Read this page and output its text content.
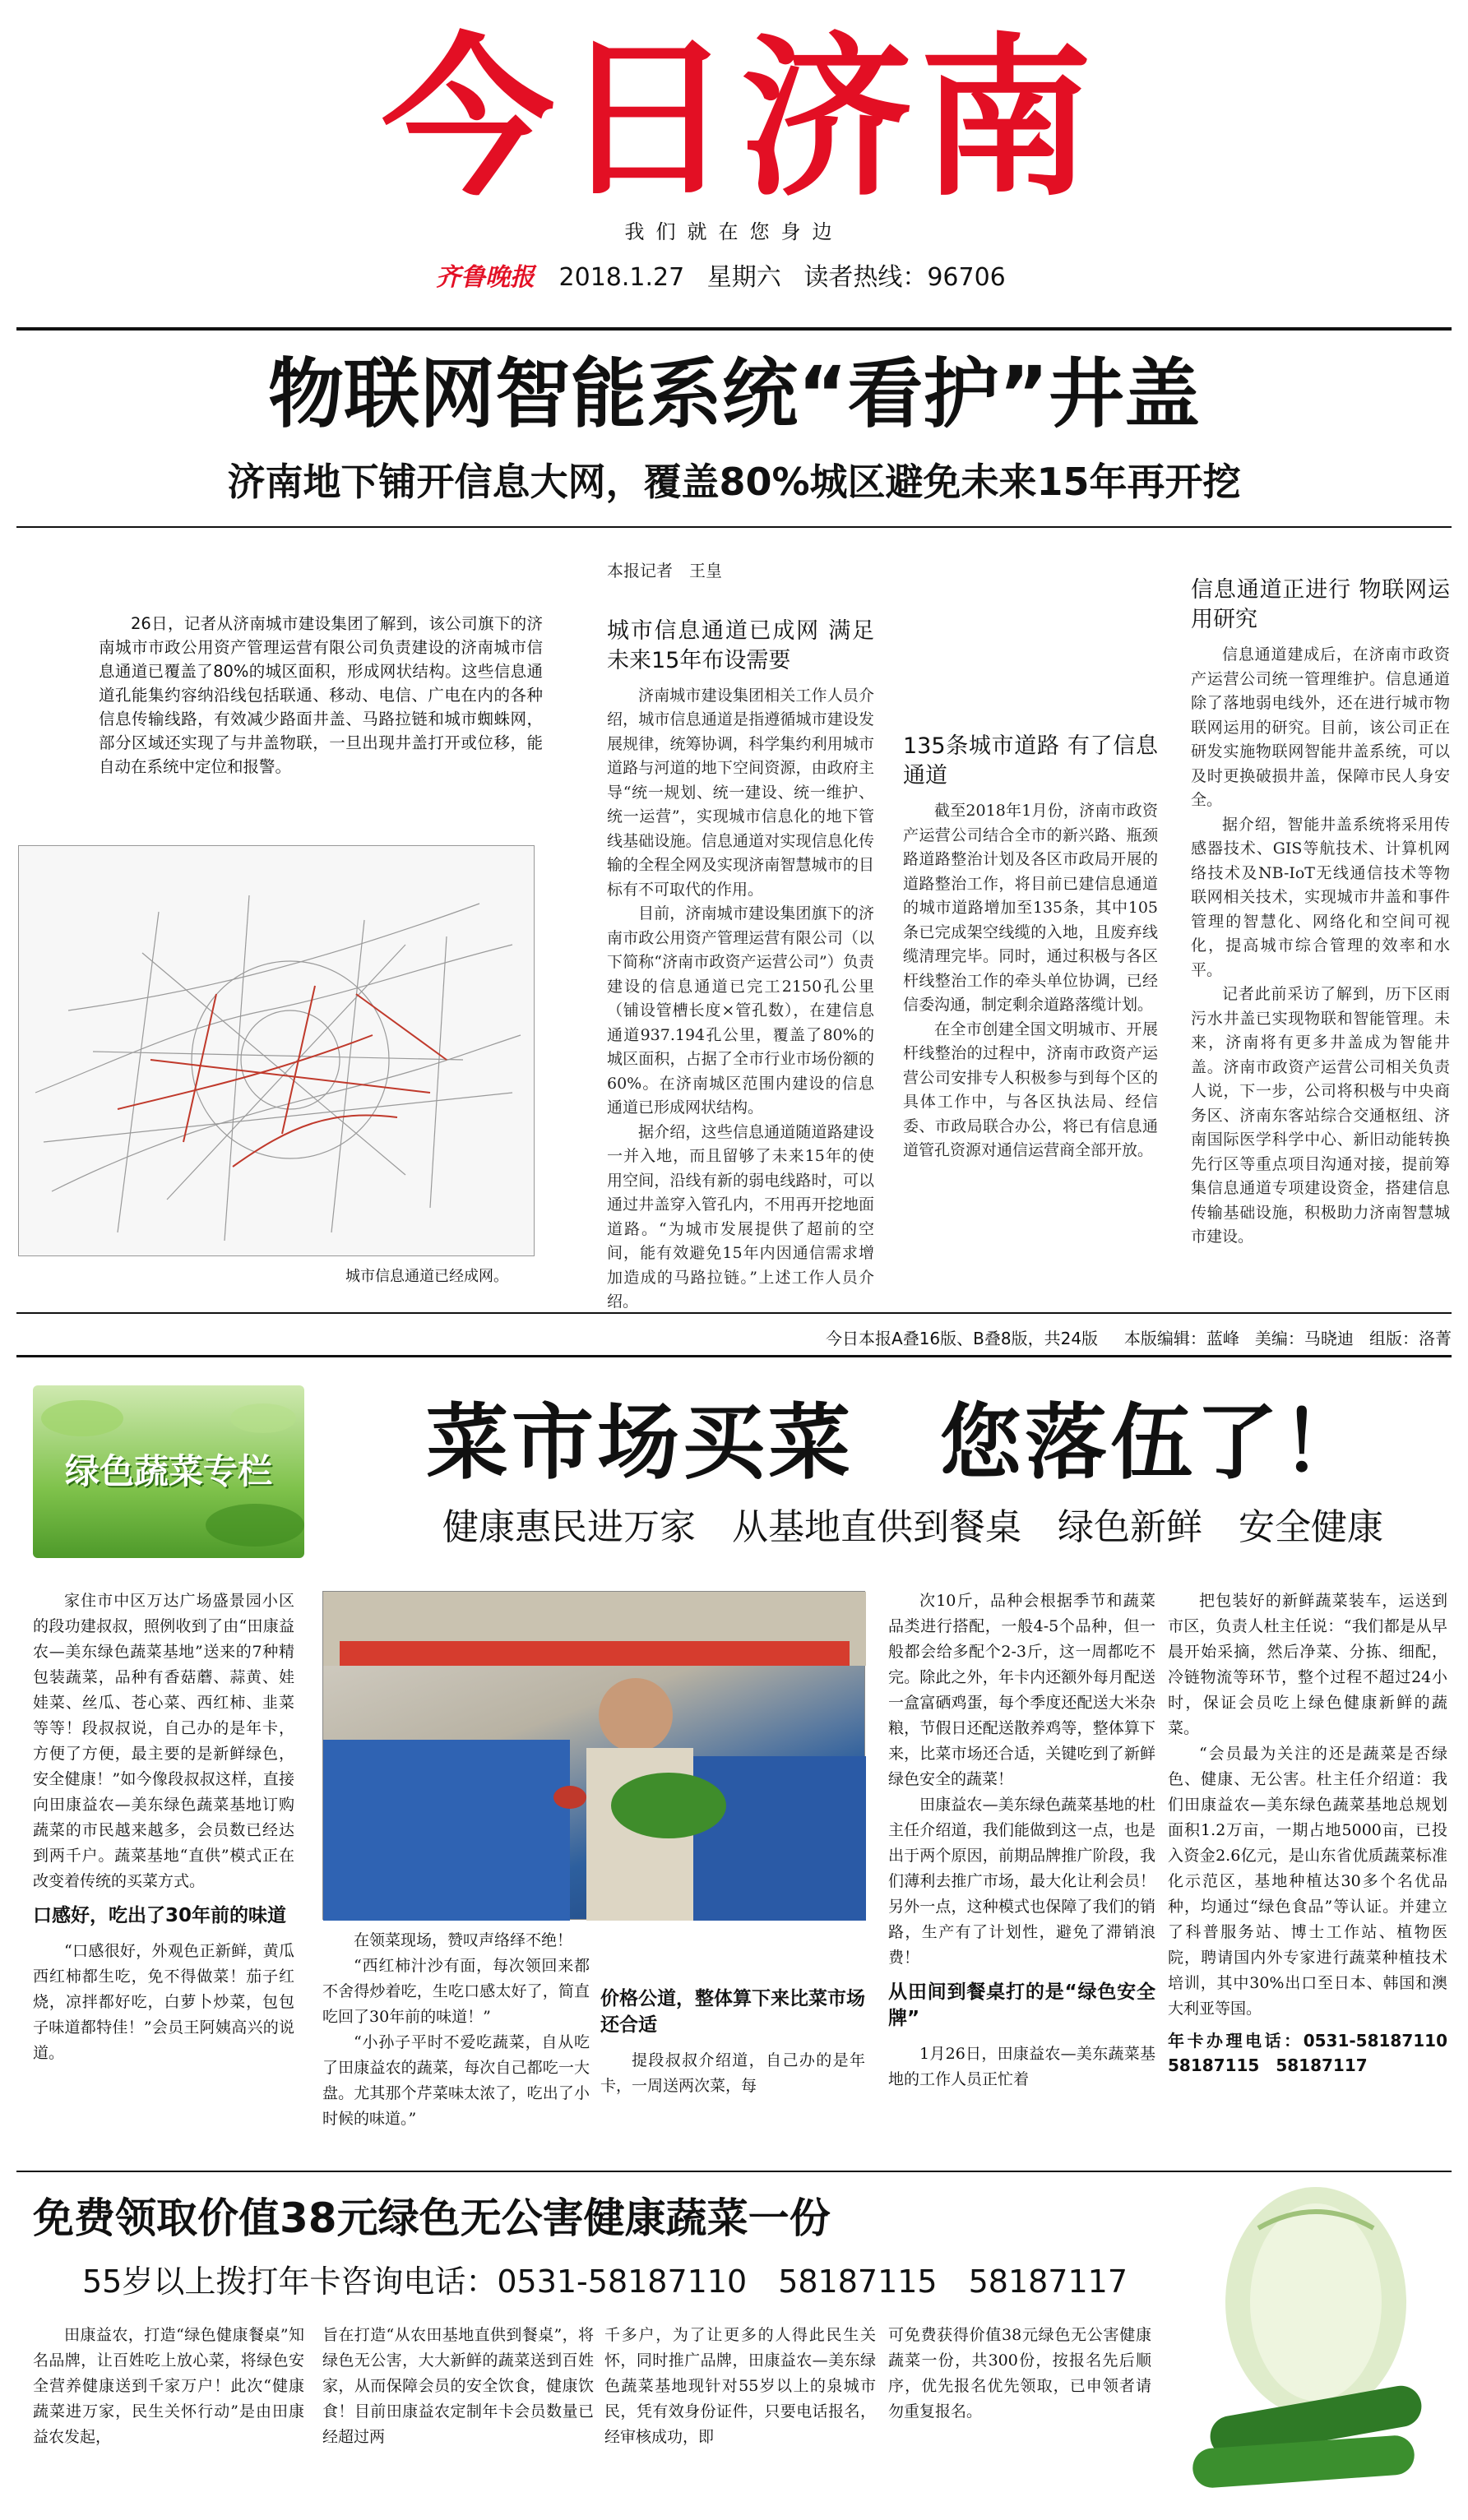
今日济南
我们就在您身边
齐鲁晚报 2018.1.27 星期六 读者热线：96706
物联网智能系统“看护”井盖
济南地下铺开信息大网，覆盖80%城区避免未来15年再开挖
26日，记者从济南城市建设集团了解到，该公司旗下的济南城市市政公用资产管理运营有限公司负责建设的济南城市信息通道已覆盖了80%的城区面积，形成网状结构。这些信息通道孔能集约容纳沿线包括联通、移动、电信、广电在内的各种信息传输线路，有效减少路面井盖、马路拉链和城市蜘蛛网，部分区域还实现了与井盖物联，一旦出现井盖打开或位移，能自动在系统中定位和报警。
城市信息通道已经成网。
本报记者　王皇
城市信息通道已成网 满足未来15年布设需要

济南城市建设集团相关工作人员介绍，城市信息通道是指遵循城市建设发展规律，统筹协调，科学集约利用城市道路与河道的地下空间资源，由政府主导“统一规划、统一建设、统一维护、统一运营”，实现城市信息化的地下管线基础设施。信息通道对实现信息化传输的全程全网及实现济南智慧城市的目标有不可取代的作用。

目前，济南城市建设集团旗下的济南市政公用资产管理运营有限公司（以下简称“济南市政资产运营公司”）负责建设的信息通道已完工2150孔公里（铺设管槽长度×管孔数），在建信息通道937.194孔公里，覆盖了80%的城区面积，占据了全市行业市场份额的60%。在济南城区范围内建设的信息通道已形成网状结构。

据介绍，这些信息通道随道路建设一并入地，而且留够了未来15年的使用空间，沿线有新的弱电线路时，可以通过井盖穿入管孔内，不用再开挖地面道路。“为城市发展提供了超前的空间，能有效避免15年内因通信需求增加造成的马路拉链。”上述工作人员介绍。

135条城市道路 有了信息通道

截至2018年1月份，济南市政资产运营公司结合全市的新兴路、瓶颈路道路整治计划及各区市政局开展的道路整治工作，将目前已建信息通道的城市道路增加至135条，其中105条已完成架空线缆的入地，且废弃线缆清理完毕。同时，通过积极与各区杆线整治工作的牵头单位协调，已经信委沟通，制定剩余道路落缆计划。

在全市创建全国文明城市、开展杆线整治的过程中，济南市政资产运营公司安排专人积极参与到每个区的具体工作中，与各区执法局、经信委、市政局联合办公，将已有信息通道管孔资源对通信运营商全部开放。

信息通道正进行 物联网运用研究

信息通道建成后，在济南市政资产运营公司统一管理维护。信息通道除了落地弱电线外，还在进行城市物联网运用的研究。目前，该公司正在研发实施物联网智能井盖系统，可以及时更换破损井盖，保障市民人身安全。

据介绍，智能井盖系统将采用传感器技术、GIS等航技术、计算机网络技术及NB-IoT无线通信技术等物联网相关技术，实现城市井盖和事件管理的智慧化、网络化和空间可视化，提高城市综合管理的效率和水平。

记者此前采访了解到，历下区雨污水井盖已实现物联和智能管理。未来，济南将有更多井盖成为智能井盖。济南市政资产运营公司相关负责人说，下一步，公司将积极与中央商务区、济南东客站综合交通枢纽、济南国际医学科学中心、新旧动能转换先行区等重点项目沟通对接，提前筹集信息通道专项建设资金，搭建信息传输基础设施，积极助力济南智慧城市建设。

今日本报A叠16版、B叠8版，共24版 本版编辑：蓝峰 美编：马晓迪 组版：洛菁
绿色蔬菜专栏	菜市场买菜　您落伍了！
健康惠民进万家　从基地直供到餐桌　绿色新鲜　安全健康

家住市中区万达广场盛景园小区的段功建叔叔，照例收到了由“田康益农—美东绿色蔬菜基地”送来的7种精包装蔬菜，品种有香菇蘑、蒜黄、娃娃菜、丝瓜、苍心菜、西红柿、韭菜等等！段叔叔说，自己办的是年卡，方便了方便，最主要的是新鲜绿色，安全健康！”如今像段叔叔这样，直接向田康益农—美东绿色蔬菜基地订购蔬菜的市民越来越多，会员数已经达到两千户。蔬菜基地“直供”模式正在改变着传统的买菜方式。

口感好，吃出了30年前的味道

“口感很好，外观色正新鲜，黄瓜西红柿都生吃，免不得做菜！茄子红烧，凉拌都好吃，白萝卜炒菜，包包子味道都特佳！”会员王阿姨高兴的说道。

在领菜现场，赞叹声络绎不绝！

“西红柿汁沙有面，每次领回来都不舍得炒着吃，生吃口感太好了，简直吃回了30年前的味道！”

“小孙子平时不爱吃蔬菜，自从吃了田康益农的蔬菜，每次自己都吃一大盘。尤其那个芹菜味太浓了，吃出了小时候的味道。”

价格公道，整体算下来比菜市场还合适

提段叔叔介绍道，自己办的是年卡，一周送两次菜，每

次10斤，品种会根据季节和蔬菜品类进行搭配，一般4-5个品种，但一般都会给多配个2-3斤，这一周都吃不完。除此之外，年卡内还额外每月配送一盒富硒鸡蛋，每个季度还配送大米杂粮，节假日还配送散养鸡等，整体算下来，比菜市场还合适，关键吃到了新鲜绿色安全的蔬菜！

田康益农—美东绿色蔬菜基地的杜主任介绍道，我们能做到这一点，也是出于两个原因，前期品牌推广阶段，我们薄利去推广市场，最大化让利会员！另外一点，这种模式也保障了我们的销路，生产有了计划性，避免了滞销浪费！

从田间到餐桌打的是“绿色安全牌”

1月26日，田康益农—美东蔬菜基地的工作人员正忙着

把包装好的新鲜蔬菜装车，运送到市区，负责人杜主任说：“我们都是从早晨开始采摘，然后净菜、分拣、细配，冷链物流等环节，整个过程不超过24小时，保证会员吃上绿色健康新鲜的蔬菜。

“会员最为关注的还是蔬菜是否绿色、健康、无公害。杜主任介绍道：我们田康益农—美东绿色蔬菜基地总规划面积1.2万亩，一期占地5000亩，已投入资金2.6亿元，是山东省优质蔬菜标准化示范区，基地种植达30多个名优品种，均通过“绿色食品”等认证。并建立了科普服务站、博士工作站、植物医院，聘请国内外专家进行蔬菜种植技术培训，其中30%出口至日本、韩国和澳大利亚等国。

年卡办理电话：0531-58187110　58187115　58187117
免费领取价值38元绿色无公害健康蔬菜一份
55岁以上拨打年卡咨询电话：0531-58187110　58187115　58187117

田康益农，打造“绿色健康餐桌”知名品牌，让百姓吃上放心菜，将绿色安全营养健康送到千家万户！此次“健康蔬菜进万家，民生关怀行动”是由田康益农发起，

旨在打造“从农田基地直供到餐桌”，将绿色无公害，大大新鲜的蔬菜送到百姓家，从而保障会员的安全饮食，健康饮食！目前田康益农定制年卡会员数量已经超过两

千多户，为了让更多的人得此民生关怀，同时推广品牌，田康益农—美东绿色蔬菜基地现针对55岁以上的泉城市民，凭有效身份证件，只要电话报名，经审核成功，即

可免费获得价值38元绿色无公害健康蔬菜一份，共300份，按报名先后顺序，优先报名优先领取，已申领者请勿重复报名。
